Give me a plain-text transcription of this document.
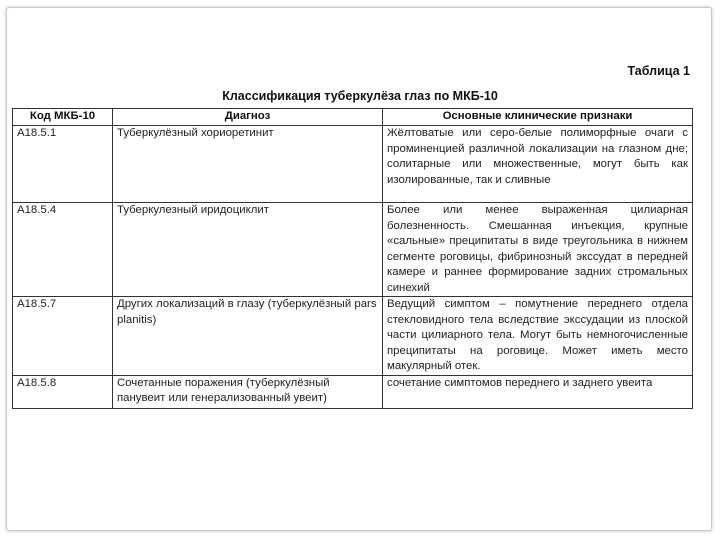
Таблица 1
Классификация туберкулёза глаз по МКБ-10
Код МКБ-10	Диагноз	Основные клинические признаки
А18.5.1	Туберкулёзный хориоретинит	Жёлтоватые или серо-белые полиморфные очаги с проминенцией различной локализации на глазном дне; солитарные или множественные, могут быть как изолированные, так и сливные
А18.5.4	Туберкулезный иридоциклит	Более или менее выраженная цилиарная болезненность. Смешанная инъекция, крупные «сальные» преципитаты в виде треугольника в нижнем сегменте роговицы, фибринозный экссудат в передней камере и раннее формирование задних стромальных синехий
А18.5.7	Других локализаций в глазу (туберкулёзный pars planitis)	Ведущий симптом – помутнение переднего отдела стекловидного тела вследствие экссудации из плоской части цилиарного тела. Могут быть немногочисленные преципитаты на роговице. Может иметь место макулярный отек.
А18.5.8	Сочетанные поражения (туберкулёзный панувеит или генерализованный увеит)	сочетание симптомов переднего и заднего увеита
